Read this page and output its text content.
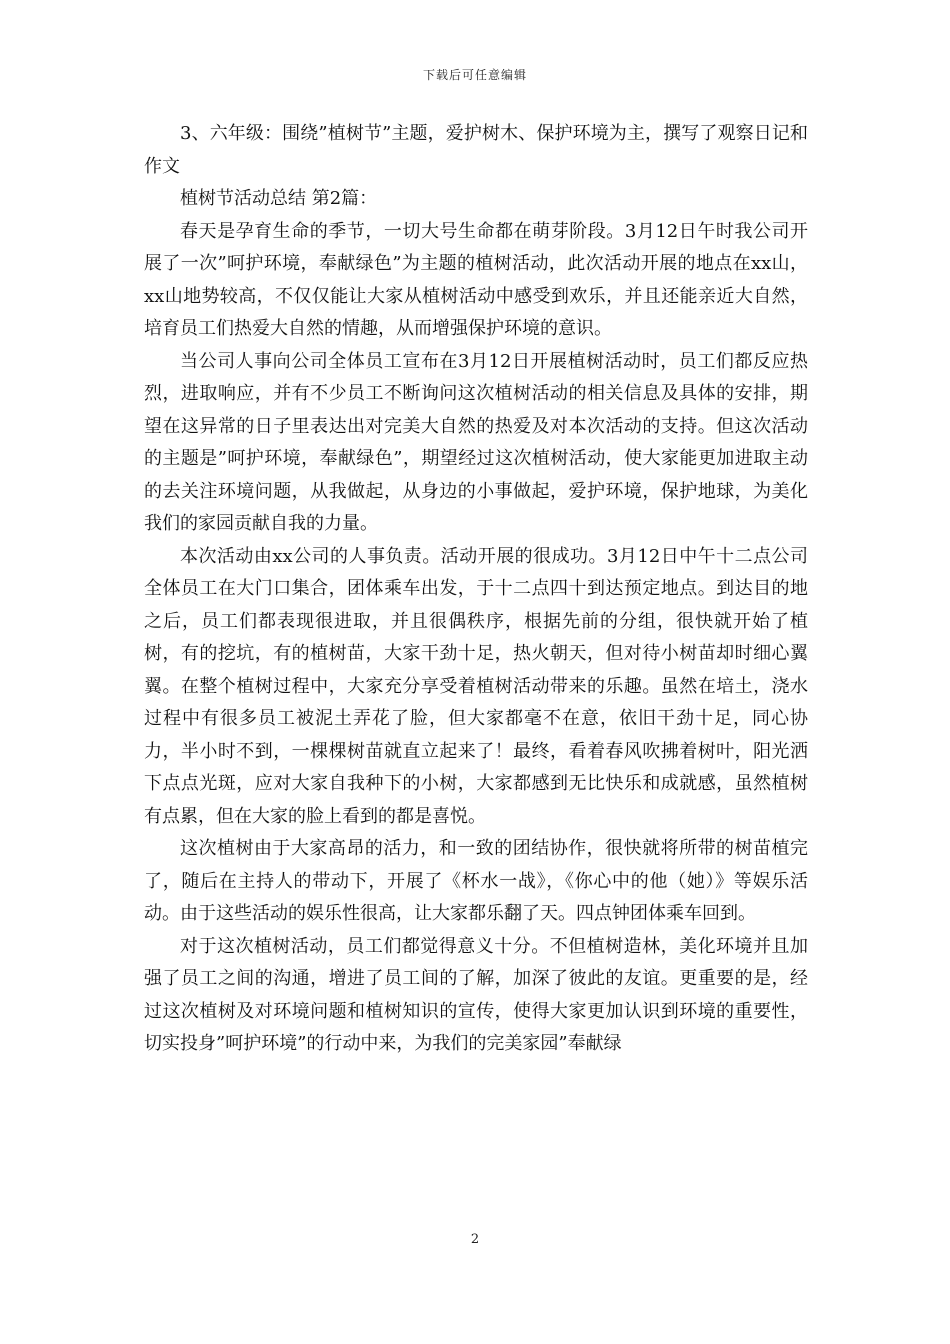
下载后可任意编辑

3、六年级：围绕”植树节”主题，爱护树木、保护环境为主，撰写了观察日记和作文

植树节活动总结 第2篇：

春天是孕育生命的季节，一切大号生命都在萌芽阶段。3月12日午时我公司开展了一次”呵护环境，奉献绿色”为主题的植树活动，此次活动开展的地点在xx山，xx山地势较高，不仅仅能让大家从植树活动中感受到欢乐，并且还能亲近大自然，培育员工们热爱大自然的情趣，从而增强保护环境的意识。

当公司人事向公司全体员工宣布在3月12日开展植树活动时，员工们都反应热烈，进取响应，并有不少员工不断询问这次植树活动的相关信息及具体的安排，期望在这异常的日子里表达出对完美大自然的热爱及对本次活动的支持。但这次活动的主题是”呵护环境，奉献绿色”，期望经过这次植树活动，使大家能更加进取主动的去关注环境问题，从我做起，从身边的小事做起，爱护环境，保护地球，为美化我们的家园贡献自我的力量。

本次活动由xx公司的人事负责。活动开展的很成功。3月12日中午十二点公司全体员工在大门口集合，团体乘车出发，于十二点四十到达预定地点。到达目的地之后，员工们都表现很进取，并且很偶秩序，根据先前的分组，很快就开始了植树，有的挖坑，有的植树苗，大家干劲十足，热火朝天，但对待小树苗却时细心翼翼。在整个植树过程中，大家充分享受着植树活动带来的乐趣。虽然在培土，浇水过程中有很多员工被泥土弄花了脸，但大家都毫不在意，依旧干劲十足，同心协力，半小时不到，一棵棵树苗就直立起来了！最终，看着春风吹拂着树叶，阳光洒下点点光斑，应对大家自我种下的小树，大家都感到无比快乐和成就感，虽然植树有点累，但在大家的脸上看到的都是喜悦。

这次植树由于大家高昂的活力，和一致的团结协作，很快就将所带的树苗植完了，随后在主持人的带动下，开展了《杯水一战》，《你心中的他（她）》等娱乐活动。由于这些活动的娱乐性很高，让大家都乐翻了天。四点钟团体乘车回到。

对于这次植树活动，员工们都觉得意义十分。不但植树造林，美化环境并且加强了员工之间的沟通，增进了员工间的了解，加深了彼此的友谊。更重要的是，经过这次植树及对环境问题和植树知识的宣传，使得大家更加认识到环境的重要性，切实投身”呵护环境”的行动中来，为我们的完美家园”奉献绿

2
